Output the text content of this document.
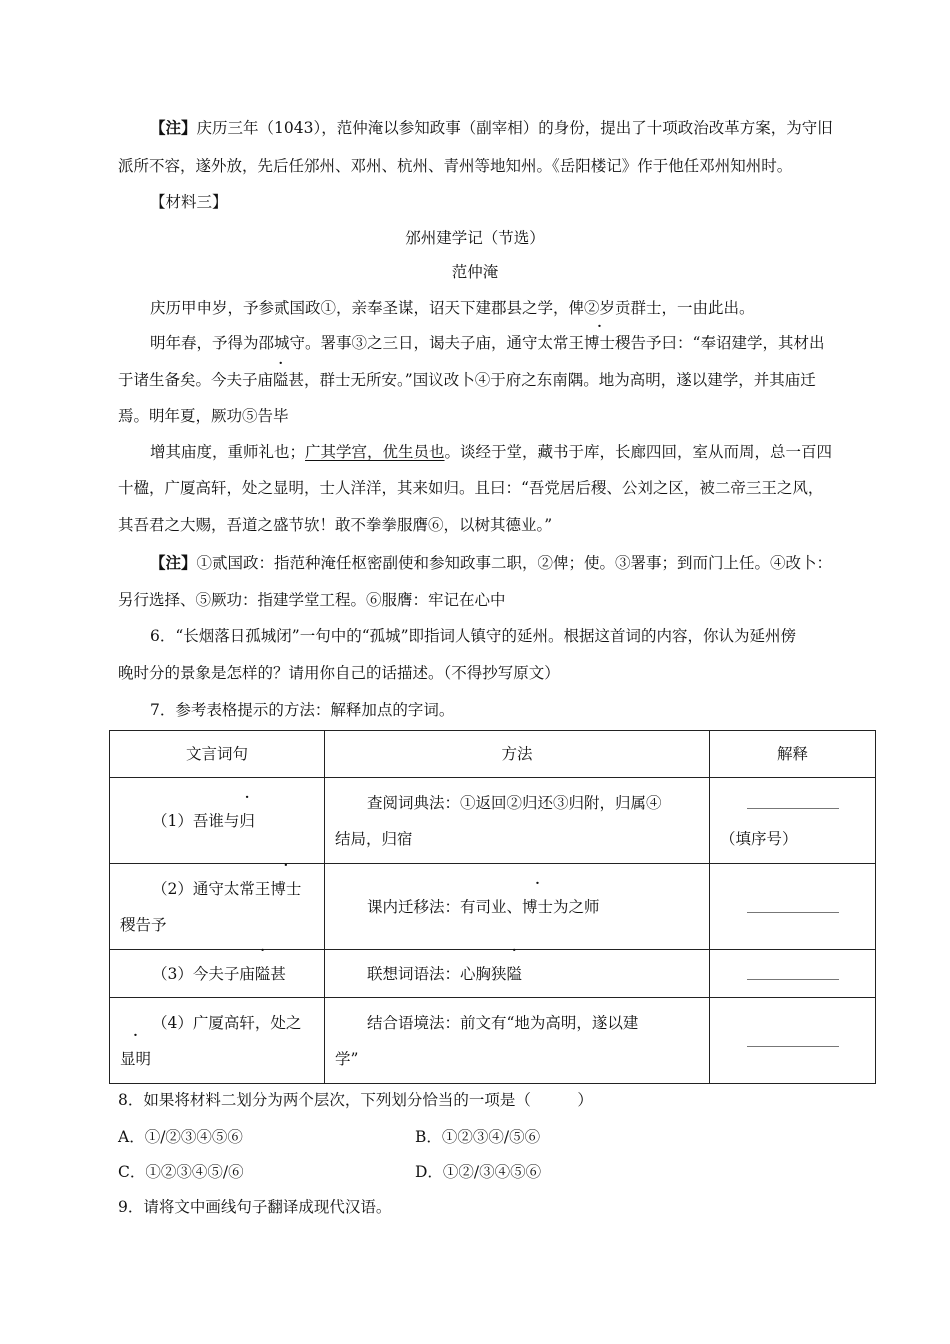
【注】庆历三年（1043），范仲淹以参知政事（副宰相）的身份，提出了十项政治改革方案，为守旧
派所不容，遂外放，先后任邠州、邓州、杭州、青州等地知州。《岳阳楼记》作于他任邓州知州时。
【材料三】
邠州建学记（节选）
范仲淹
庆历甲申岁，予参贰国政①，亲奉圣谋，诏天下建郡县之学，俾②岁贡群士，一由此出。
明年春，予得为邵城守。署事③之三日，谒夫子庙，通守太常王博士稷告予曰：“奉诏建学，其材出
于诸生备矣。今夫子庙隘甚，群士无所安。”国议改卜④于府之东南隅。地为高明，遂以建学，并其庙迁
焉。明年夏，厥功⑤告毕
增其庙度，重师礼也；广其学宫，优生员也。谈经于堂，藏书于库，长廊四回，室从而周，总一百四
十楹，广厦高轩，处之显明，士人洋洋，其来如归。且曰：“吾党居后稷、公刘之区，被二帝三王之风，
其吾君之大赐，吾道之盛节欤！敢不拳拳服膺⑥，以树其德业。”
【注】①贰国政：指范种淹任枢密副使和参知政事二职，②俾；使。③署事；到而门上任。④改卜：
另行选择、⑤厥功：指建学堂工程。⑥服膺：牢记在心中
6．“长烟落日孤城闭”一句中的“孤城”即指词人镇守的延州。根据这首词的内容，你认为延州傍
晚时分的景象是怎样的？请用你自己的话描述。（不得抄写原文）
7．参考表格提示的方法：解释加点的字词。
文言词句	方法	解释

（1）吾谁与归	查阅词典法：①返回②归还③归附，归属④
结局，归宿	（填序号）

（2）通守太常王博士
稷告予	课内迁移法：有司业、博士为之师

（3）今夫子庙隘甚	联想词语法：心胸狭隘

（4）广厦高轩，处之
显明	结合语境法：前文有“地为高明，遂以建
学”	
8．如果将材料二划分为两个层次，下列划分恰当的一项是（　　　）
A．①/②③④⑤⑥	B．①②③④/⑤⑥
C．①②③④⑤/⑥	D．①②/③④⑤⑥
9．请将文中画线句子翻译成现代汉语。
